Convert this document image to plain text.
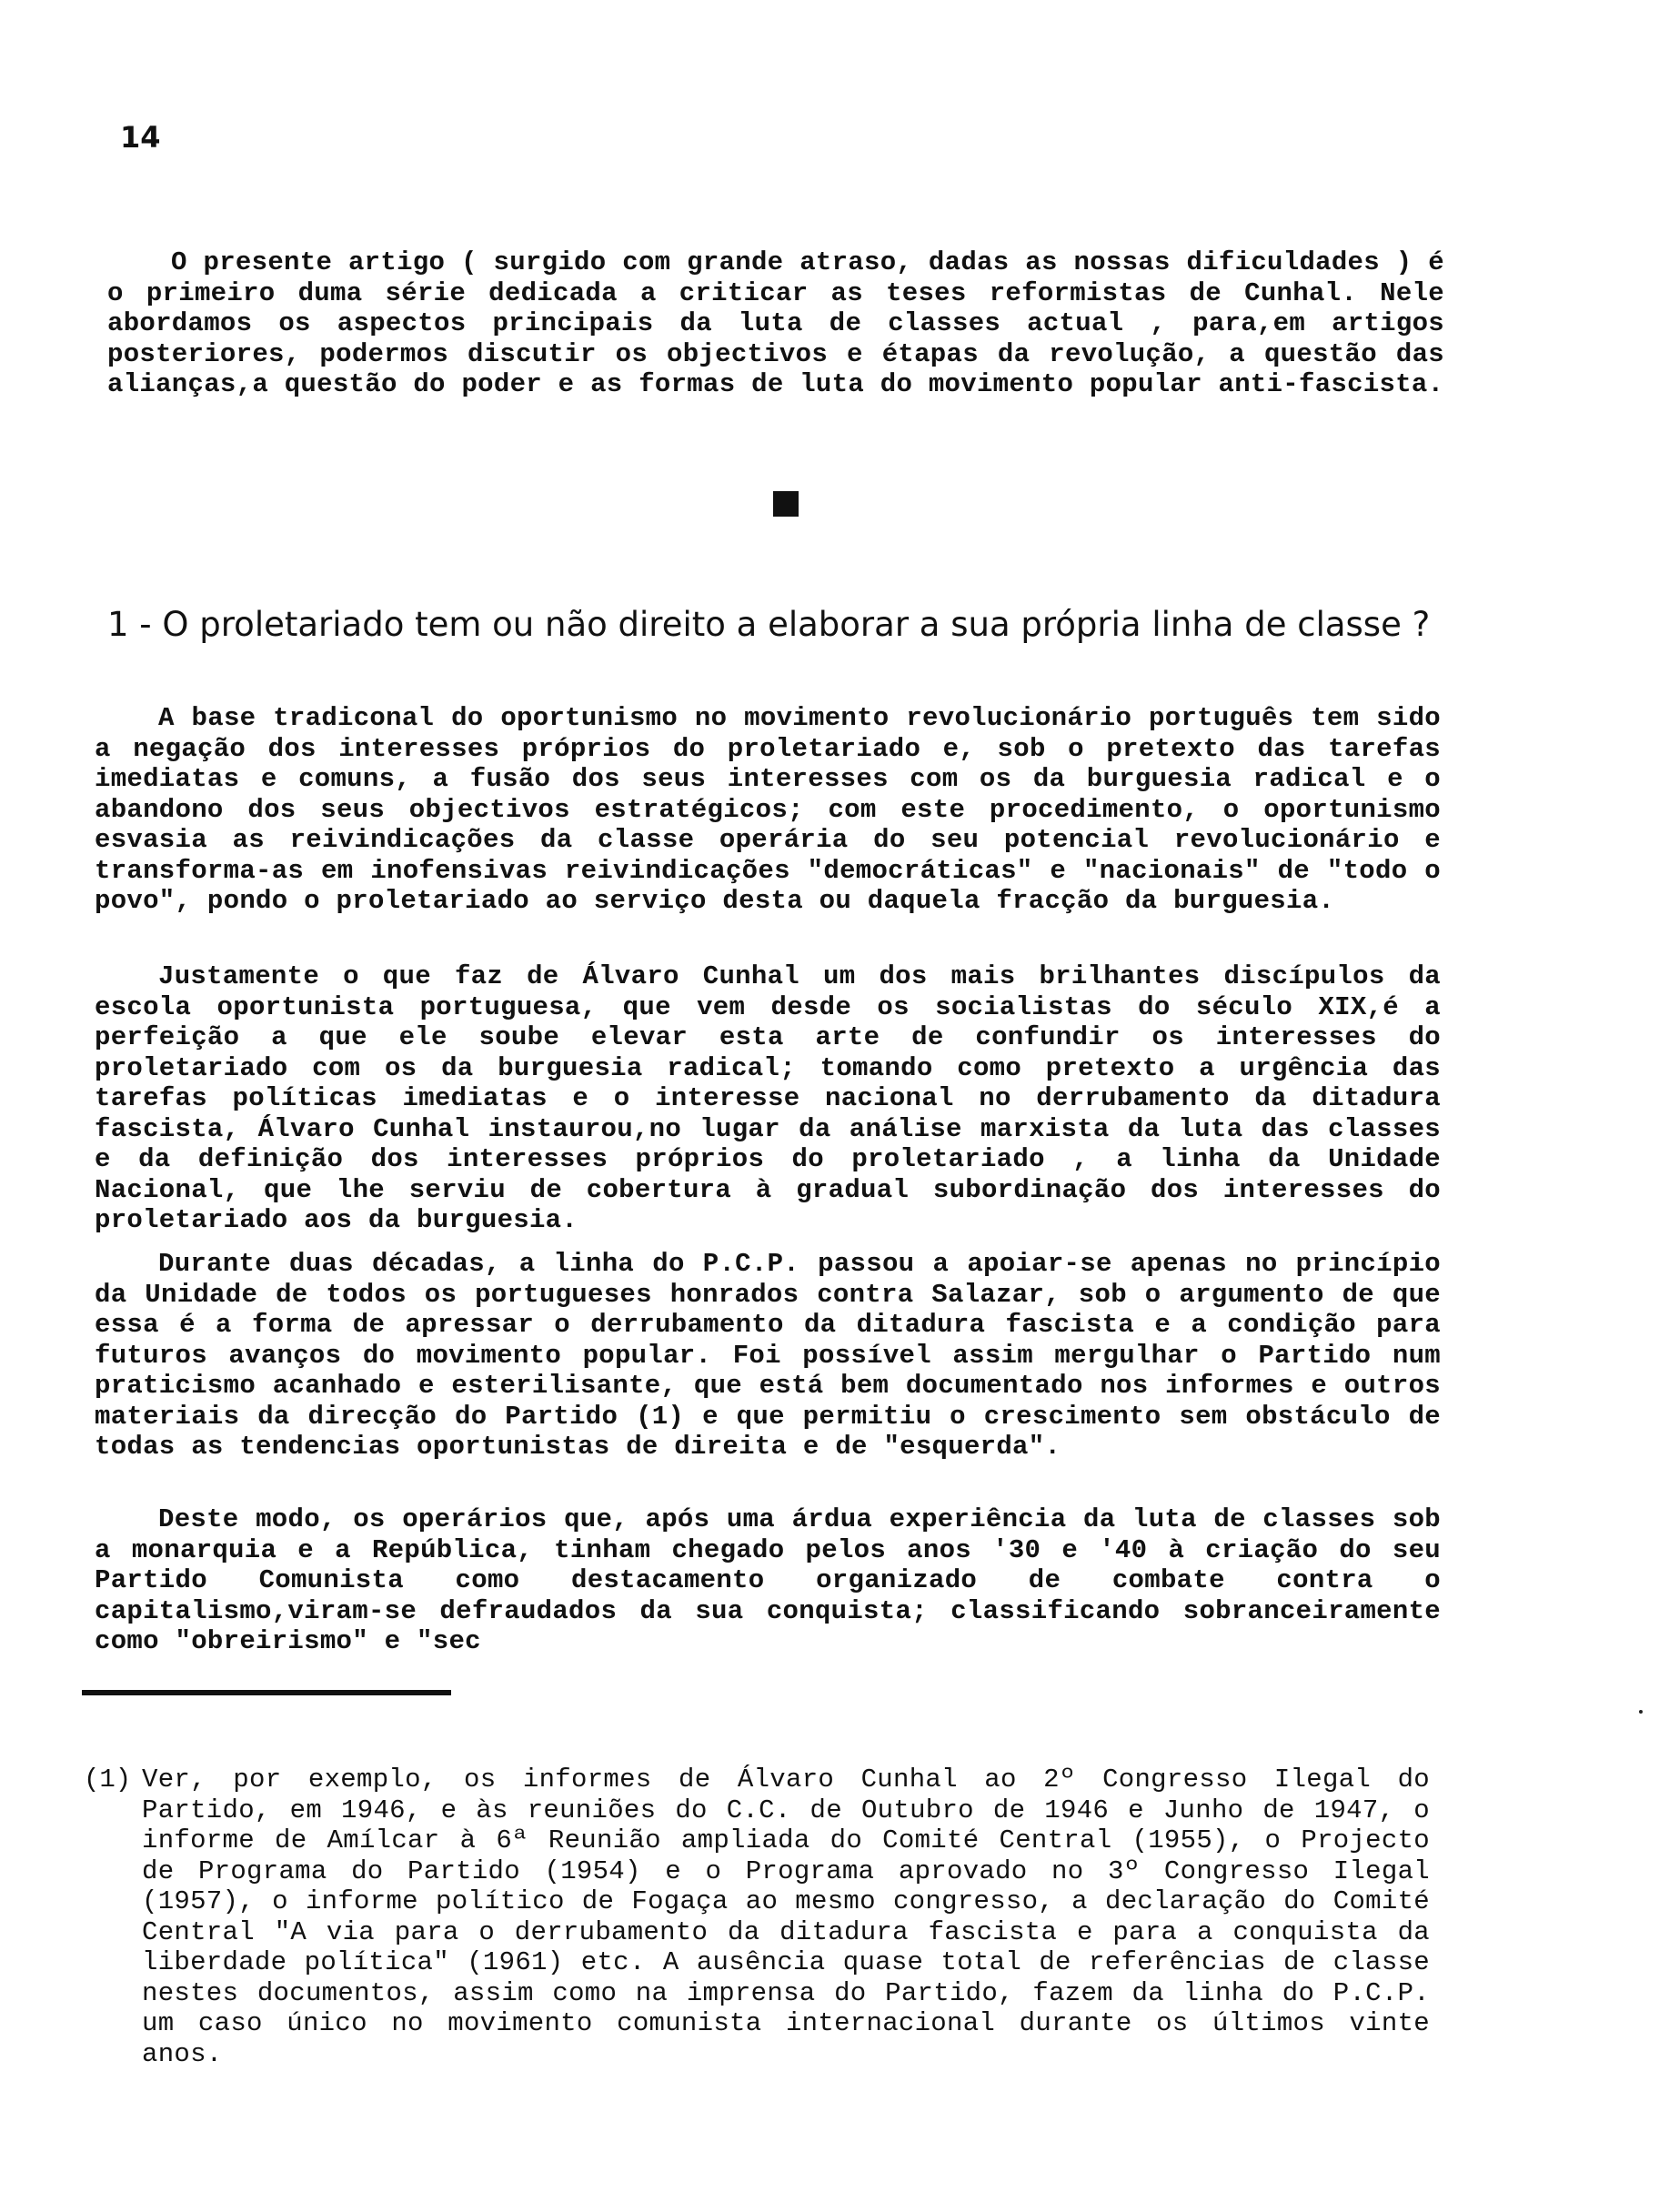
14

O presente artigo ( surgido com grande atraso, dadas as nossas dificuldades ) é o primeiro duma série dedicada a criticar as teses reformistas de Cunhal. Nele abordamos os aspectos principais da luta de classes actual , para,em artigos posteriores, podermos discutir os objectivos e étapas da revolução, a questão das alianças,a questão do poder e as formas de luta do movimento popular anti-fascista.

1 - O proletariado tem ou não direito a elaborar a sua própria linha de classe ?

A base tradiconal do oportunismo no movimento revolucionário português tem sido a negação dos interesses próprios do proletariado e, sob o pretexto das tarefas imediatas e comuns, a fusão dos seus interesses com os da burguesia radical e o abandono dos seus objectivos estratégicos; com este procedimento, o oportunismo esvasia as reivindicações da classe operária do seu potencial revolucionário e transforma-as em inofensivas reivindicações "democráticas" e "nacionais" de "todo o povo", pondo o proletariado ao serviço desta ou daquela fracção da burguesia.

Justamente o que faz de Álvaro Cunhal um dos mais brilhantes discípulos da escola oportunista portuguesa, que vem desde os socialistas do século XIX,é a perfeição a que ele soube elevar esta arte de confundir os interesses do proletariado com os da burguesia radical; tomando como pretexto a urgência das tarefas políticas imediatas e o interesse nacional no derrubamento da ditadura fascista, Álvaro Cunhal instaurou,no lugar da análise marxista da luta das classes e da definição dos interesses próprios do proletariado , a linha da Unidade Nacional, que lhe serviu de cobertura à gradual subordinação dos interesses do proletariado aos da burguesia.

Durante duas décadas, a linha do P.C.P. passou a apoiar-se apenas no princípio da Unidade de todos os portugueses honrados contra Salazar, sob o argumento de que essa é a forma de apressar o derrubamento da ditadura fascista e a condição para futuros avanços do movimento popular. Foi possível assim mergulhar o Partido num praticismo acanhado e esterilisante, que está bem documentado nos informes e outros materiais da direcção do Partido (1) e que permitiu o crescimento sem obstáculo de todas as tendencias oportunistas de direita e de "esquerda".

Deste modo, os operários que, após uma árdua experiência da luta de classes sob a monarquia e a República, tinham chegado pelos anos '30 e '40 à criação do seu Partido Comunista como destacamento organizado de combate contra o capitalismo,viram-se defraudados da sua conquista; classificando sobranceiramente como "obreirismo" e "sec

(1) Ver, por exemplo, os informes de Álvaro Cunhal ao 2º Congresso Ilegal do Partido, em 1946, e às reuniões do C.C. de Outubro de 1946 e Junho de 1947, o informe de Amílcar à 6ª Reunião ampliada do Comité Central (1955), o Projecto de Programa do Partido (1954) e o Programa aprovado no 3º Congresso Ilegal (1957), o informe político de Fogaça ao mesmo congresso, a declaração do Comité Central "A via para o derrubamento da ditadura fascista e para a conquista da liberdade política" (1961) etc. A ausência quase total de referências de classe nestes documentos, assim como na imprensa do Partido, fazem da linha do P.C.P. um caso único no movimento comunista internacional durante os últimos vinte anos.
